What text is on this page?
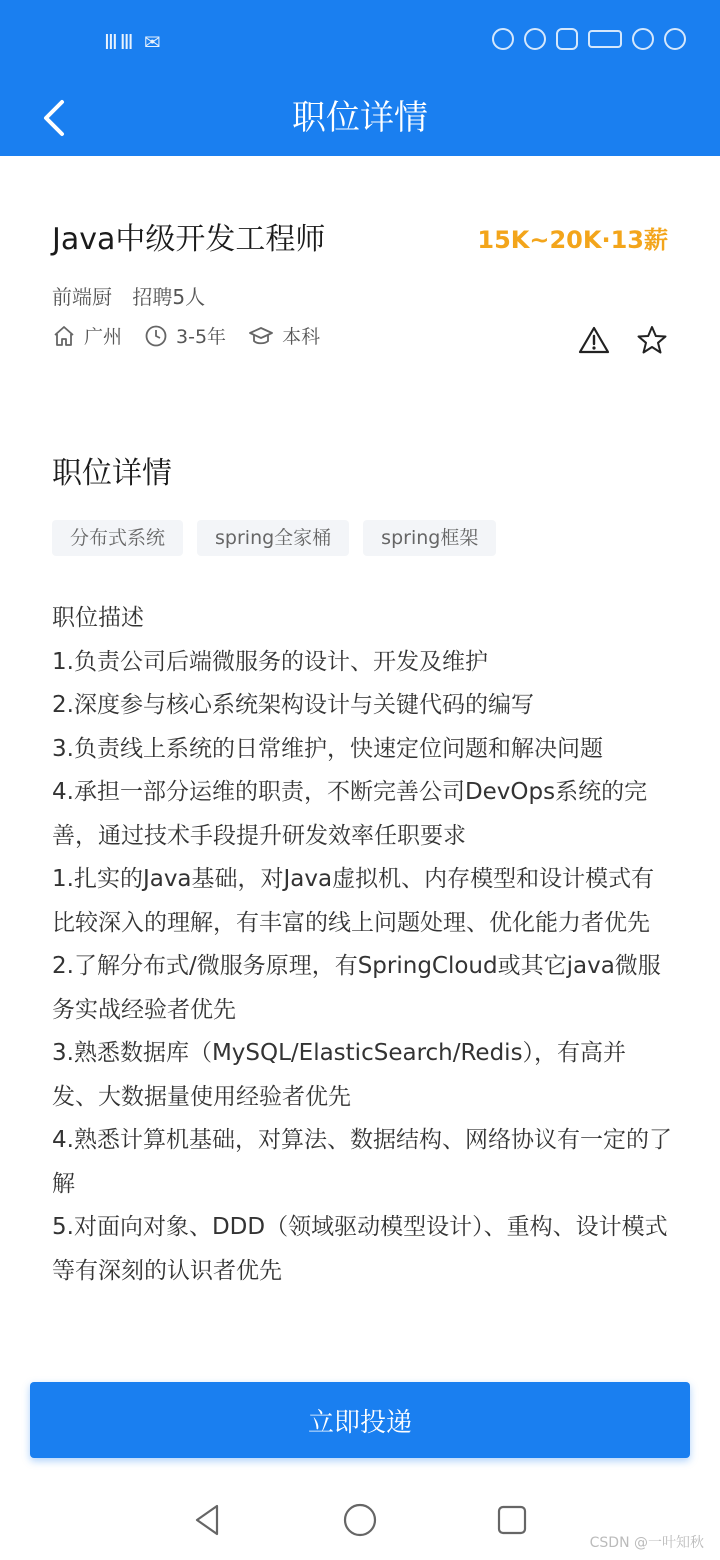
ⅢⅢ ✉
职位详情
Java中级开发工程师	15K~20K·13薪
前端厨 招聘5人
广州	3-5年	本科
职位详情
分布式系统	spring全家桶	spring框架
职位描述
1.负责公司后端微服务的设计、开发及维护
2.深度参与核心系统架构设计与关键代码的编写
3.负责线上系统的日常维护，快速定位问题和解决问题
4.承担一部分运维的职责，不断完善公司DevOps系统的完善，通过技术手段提升研发效率任职要求
1.扎实的Java基础，对Java虚拟机、内存模型和设计模式有比较深入的理解，有丰富的线上问题处理、优化能力者优先
2.了解分布式/微服务原理，有SpringCloud或其它java微服务实战经验者优先
3.熟悉数据库（MySQL/ElasticSearch/Redis），有高并发、大数据量使用经验者优先
4.熟悉计算机基础，对算法、数据结构、网络协议有一定的了解
5.对面向对象、DDD（领域驱动模型设计）、重构、设计模式等有深刻的认识者优先
立即投递
CSDN @一叶知秋
